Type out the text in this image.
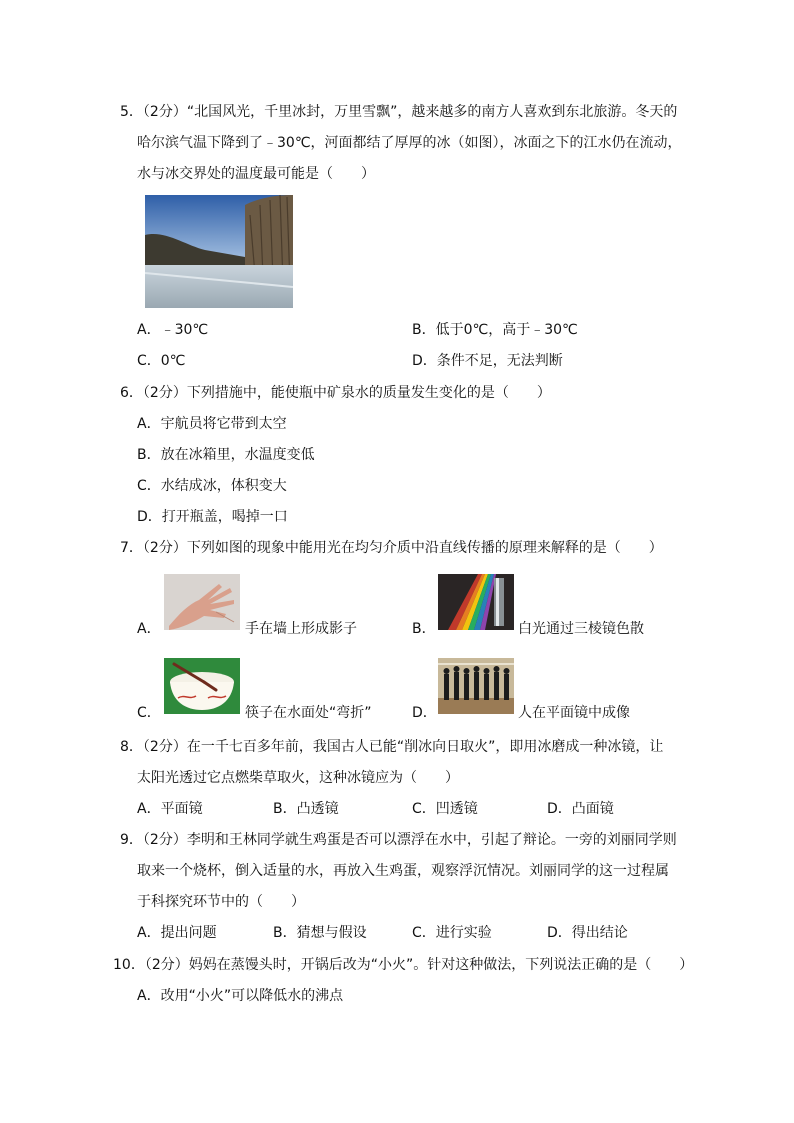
5．（2分）“北国风光，千里冰封，万里雪飘”，越来越多的南方人喜欢到东北旅游。冬天的
哈尔滨气温下降到了﹣30℃，河面都结了厚厚的冰（如图），冰面之下的江水仍在流动，
水与冰交界处的温度最可能是（　　）
A．﹣30℃	B．低于0℃，高于﹣30℃
C．0℃	D．条件不足，无法判断
6．（2分）下列措施中，能使瓶中矿泉水的质量发生变化的是（　　）
A．宇航员将它带到太空
B．放在冰箱里，水温度变低
C．水结成冰，体积变大
D．打开瓶盖，喝掉一口
7．（2分）下列如图的现象中能用光在均匀介质中沿直线传播的原理来解释的是（　　）
A．	手在墙上形成影子	B．	白光通过三棱镜色散
C．	筷子在水面处“弯折”	D．	人在平面镜中成像
8．（2分）在一千七百多年前，我国古人已能“削冰向日取火”，即用冰磨成一种冰镜，让
太阳光透过它点燃柴草取火，这种冰镜应为（　　）
A．平面镜	B．凸透镜	C．凹透镜	D．凸面镜
9．（2分）李明和王林同学就生鸡蛋是否可以漂浮在水中，引起了辩论。一旁的刘丽同学则
取来一个烧杯，倒入适量的水，再放入生鸡蛋，观察浮沉情况。刘丽同学的这一过程属
于科探究环节中的（　　）
A．提出问题	B．猜想与假设	C．进行实验	D．得出结论
10．（2分）妈妈在蒸馒头时，开锅后改为“小火”。针对这种做法，下列说法正确的是（　　）
A．改用“小火”可以降低水的沸点
